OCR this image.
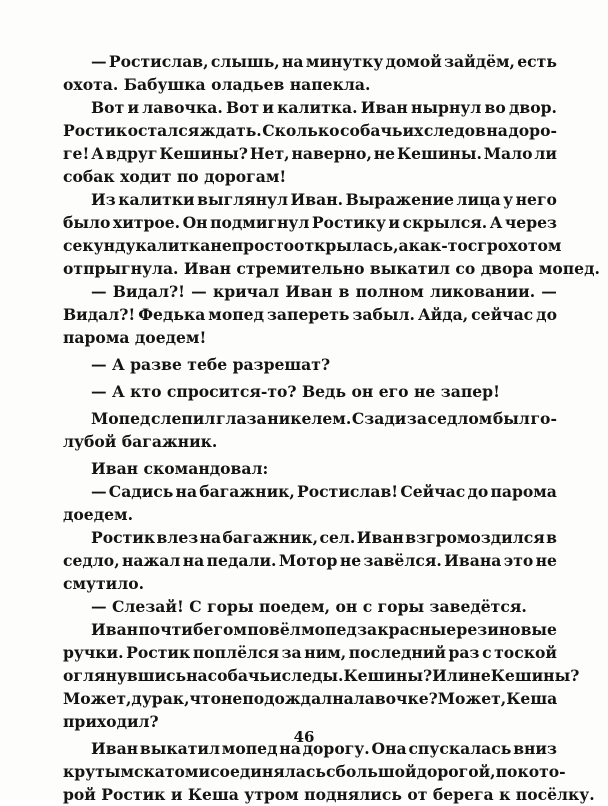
— Ростислав, слышь, на минутку домой зайдём, есть
охота. Бабушка оладьев напекла.
Вот и лавочка. Вот и калитка. Иван нырнул во двор.
Ростик остался ждать. Сколько собачьих следов на доро-
ге! А вдруг Кешины? Нет, наверно, не Кешины. Мало ли
собак ходит по дорогам!
Из калитки выглянул Иван. Выражение лица у него
было хитрое. Он подмигнул Ростику и скрылся. А через
секунду калитка не просто открылась, а как-то с грохотом
отпрыгнула. Иван стремительно выкатил со двора мопед.
— Видал?! — кричал Иван в полном ликовании. —
Видал?! Федька мопед запереть забыл. Айда, сейчас до
парома доедем!
— А разве тебе разрешат?
— А кто спросится-то? Ведь он его не запер!
Мопед слепил глаза никелем. Сзади за седлом был го-
лубой багажник.
Иван скомандовал:
— Садись на багажник, Ростислав! Сейчас до парома
доедем.
Ростик влез на багажник, сел. Иван взгромоздился в
седло, нажал на педали. Мотор не завёлся. Ивана это не
смутило.
— Слезай! С горы поедем, он с горы заведётся.
Иван почти бегом повёл мопед за красные резиновые
ручки. Ростик поплёлся за ним, последний раз с тоской
оглянувшись на собачьи следы. Кешины? Или не Кешины?
Может, дурак, что не подождал на лавочке? Может, Кеша
приходил?
Иван выкатил мопед на дорогу. Она спускалась вниз
крутым скатом и соединялась с большой дорогой, по кото-
рой Ростик и Кеша утром поднялись от берега к посёлку.
46
